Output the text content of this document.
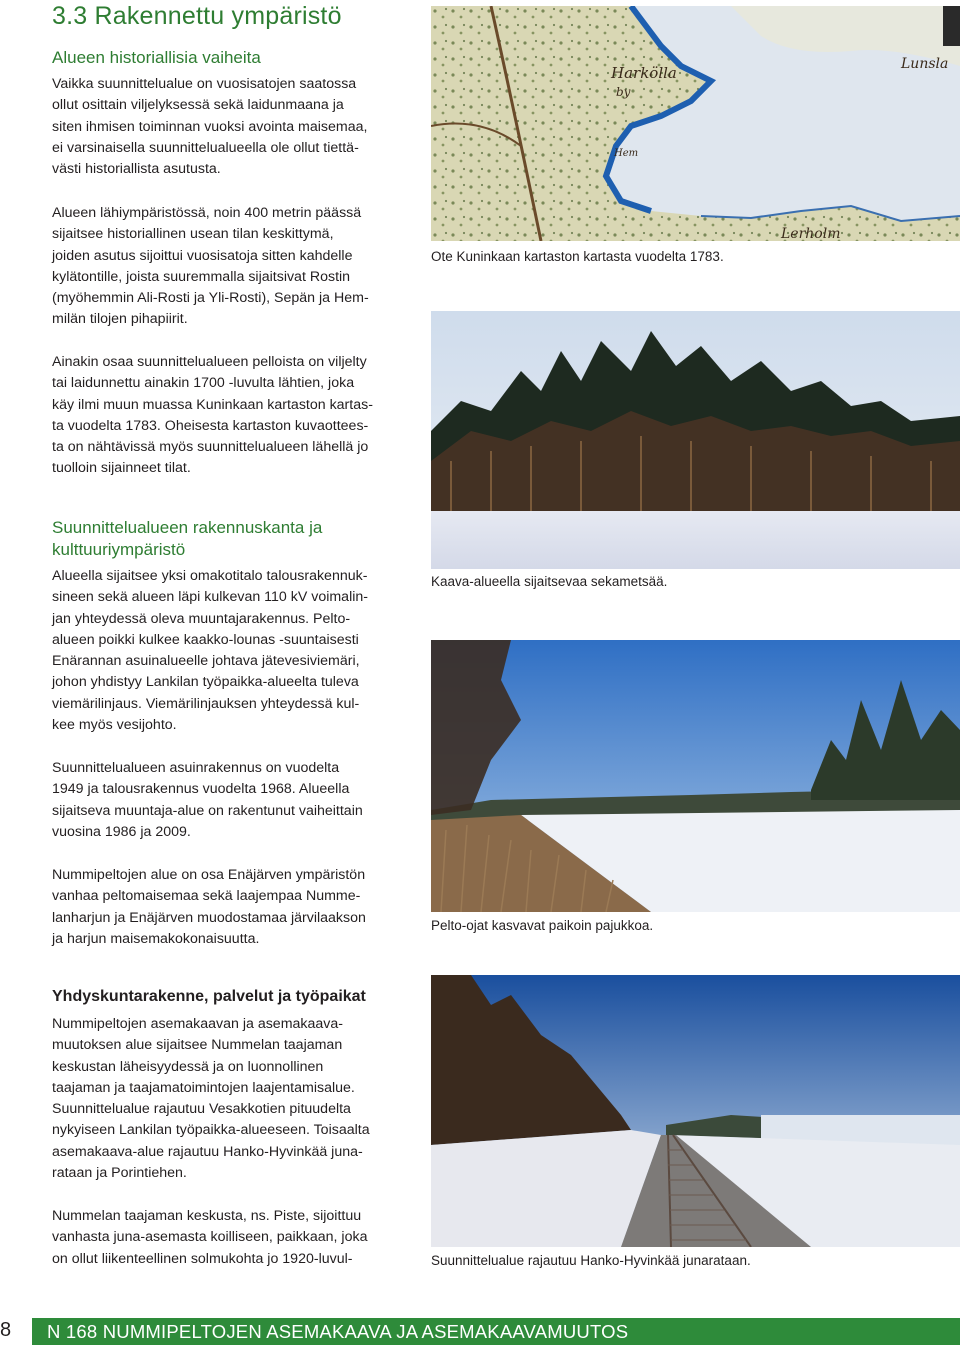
3.3 Rakennettu ympäristö
Alueen historiallisia vaiheita
Vaikka suunnittelualue on vuosisatojen saatossa
ollut osittain viljelyksessä sekä laidunmaana ja
siten ihmisen toiminnan vuoksi avointa maisemaa,
ei varsinaisella suunnittelualueella ole ollut tiettä-
västi historiallista asutusta.
Alueen lähiympäristössä, noin 400 metrin päässä
sijaitsee historiallinen usean tilan keskittymä,
joiden asutus sijoittui vuosisatoja sitten kahdelle
kylätontille, joista suuremmalla sijaitsivat Rostin
(myöhemmin Ali-Rosti ja Yli-Rosti), Sepän ja Hem-
milän tilojen pihapiirit.
Ainakin osaa suunnittelualueen pelloista on viljelty
tai laidunnettu ainakin 1700 -luvulta lähtien, joka
käy ilmi muun muassa Kuninkaan kartaston kartas-
ta vuodelta 1783. Oheisesta kartaston kuvaottees-
ta on nähtävissä myös suunnittelualueen lähellä jo
tuolloin sijainneet tilat.
Suunnittelualueen rakennuskanta ja
kulttuuriympäristö
Alueella sijaitsee yksi omakotitalo talousrakennuk-
sineen sekä alueen läpi kulkevan 110 kV voimalin-
jan yhteydessä oleva muuntajarakennus. Pelto-
alueen poikki kulkee kaakko-lounas -suuntaisesti
Enärannan asuinalueelle johtava jätevesiviemäri,
johon yhdistyy Lankilan työpaikka-alueelta tuleva
viemärilinjaus. Viemärilinjauksen yhteydessä kul-
kee myös vesijohto.
Suunnittelualueen asuinrakennus on vuodelta
1949 ja talousrakennus vuodelta 1968. Alueella
sijaitseva muuntaja-alue on rakentunut vaiheittain
vuosina 1986 ja 2009.
Nummipeltojen alue on osa Enäjärven ympäristön
vanhaa peltomaisemaa sekä laajempaa Numme-
lanharjun ja Enäjärven muodostamaa järvilaakson
ja harjun maisemakokonaisuutta.
Yhdyskuntarakenne, palvelut ja työpaikat
Nummipeltojen asemakaavan ja asemakaava-
muutoksen alue sijaitsee Nummelan taajaman
keskustan läheisyydessä ja on luonnollinen
taajaman ja taajamatoimintojen laajentamisalue.
Suunnittelualue rajautuu Vesakkotien pituudelta
nykyiseen Lankilan työpaikka-alueeseen. Toisaalta
asemakaava-alue rajautuu Hanko-Hyvinkää juna-
rataan ja Porintiehen.
Nummelan taajaman keskusta, ns. Piste, sijoittuu
vanhasta juna-asemasta koilliseen, paikkaan, joka
on ollut liikenteellinen solmukohta jo 1920-luvul-
Harkölla
by
Lunsla
Lerholm
Hem
Ote Kuninkaan kartaston kartasta vuodelta 1783.
Kaava-alueella sijaitsevaa sekametsää.
Pelto-ojat kasvavat paikoin pajukkoa.
Suunnittelualue rajautuu Hanko-Hyvinkää junarataan.
8 N 168 NUMMIPELTOJEN ASEMAKAAVA JA ASEMAKAAVAMUUTOS
